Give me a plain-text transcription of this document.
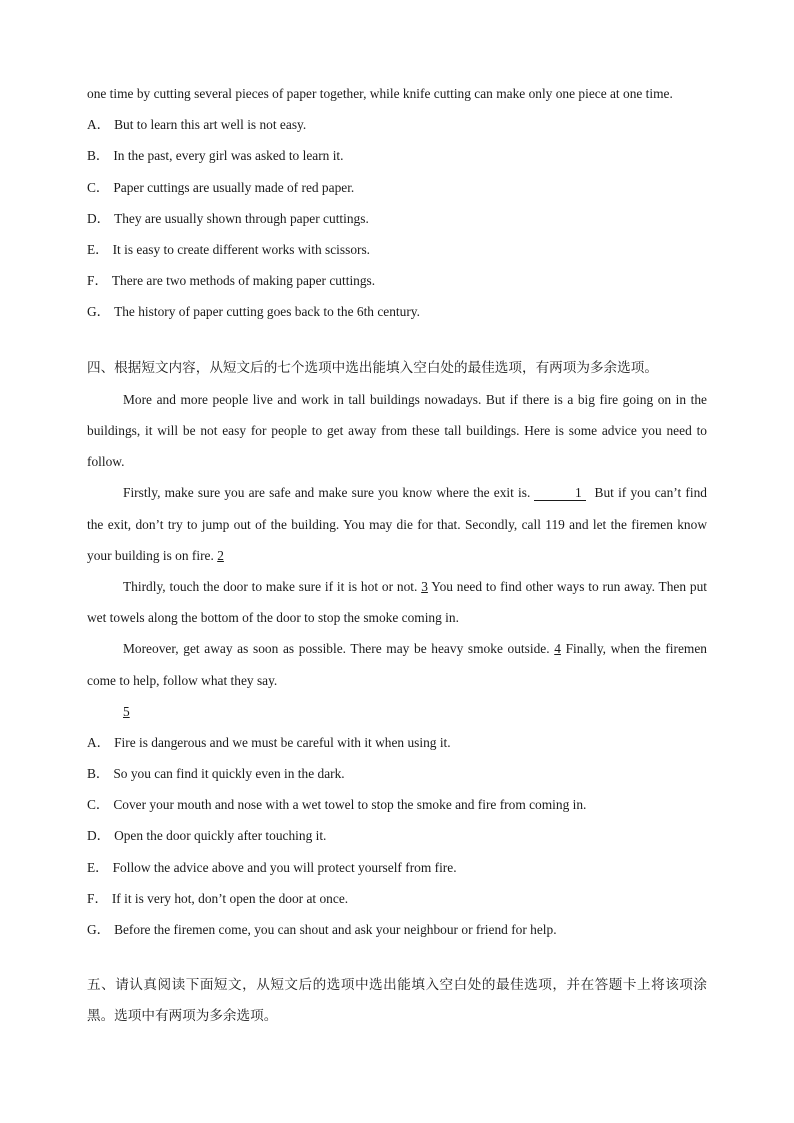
one time by cutting several pieces of paper together, while knife cutting can make only one piece at one time.
A． But to learn this art well is not easy.
B． In the past, every girl was asked to learn it.
C． Paper cuttings are usually made of red paper.
D． They are usually shown through paper cuttings.
E． It is easy to create different works with scissors.
F． There are two methods of making paper cuttings.
G． The history of paper cutting goes back to the 6th century.
四、根据短文内容，从短文后的七个选项中选出能填入空白处的最佳选项，有两项为多余选项。
More and more people live and work in tall buildings nowadays. But if there is a big fire going on in the buildings, it will be not easy for people to get away from these tall buildings. Here is some advice you need to follow.
Firstly, make sure you are safe and make sure you know where the exit is.	1 But if you can’t find the exit, don’t try to jump out of the building. You may die for that. Secondly, call 119 and let the firemen know your building is on fire. 2
Thirdly, touch the door to make sure if it is hot or not. 3 You need to find other ways to run away. Then put wet towels along the bottom of the door to stop the smoke coming in.
Moreover, get away as soon as possible. There may be heavy smoke outside. 4 Finally, when the firemen come to help, follow what they say.
5
A． Fire is dangerous and we must be careful with it when using it.
B． So you can find it quickly even in the dark.
C． Cover your mouth and nose with a wet towel to stop the smoke and fire from coming in.
D． Open the door quickly after touching it.
E． Follow the advice above and you will protect yourself from fire.
F． If it is very hot, don’t open the door at once.
G． Before the firemen come, you can shout and ask your neighbour or friend for help.
五、请认真阅读下面短文，从短文后的选项中选出能填入空白处的最佳选项，并在答题卡上将该项涂黑。选项中有两项为多余选项。
